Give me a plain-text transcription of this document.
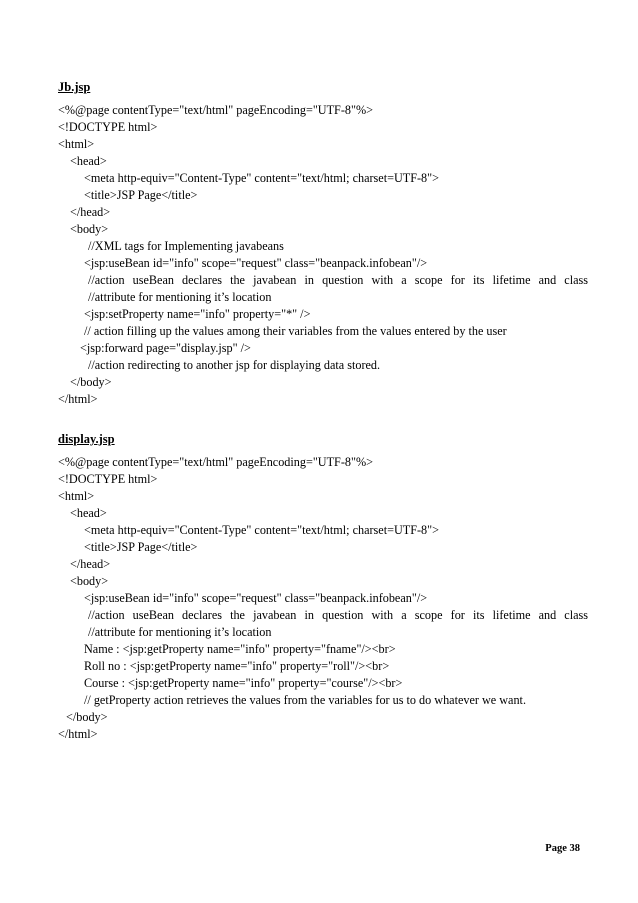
Jb.jsp
<%@page contentType="text/html" pageEncoding="UTF-8"%>
<!DOCTYPE html>
<html>
<head>
<meta http-equiv="Content-Type" content="text/html; charset=UTF-8">
<title>JSP Page</title>
</head>
<body>
//XML tags for Implementing javabeans
<jsp:useBean id="info" scope="request" class="beanpack.infobean"/>
//action useBean declares the javabean in question with a scope for its lifetime and class
//attribute for mentioning it’s location
<jsp:setProperty name="info" property="*" />
// action filling up the values among their variables from the values entered by the user
<jsp:forward page="display.jsp" />
//action redirecting to another jsp for displaying data stored.
</body>
</html>
display.jsp
<%@page contentType="text/html" pageEncoding="UTF-8"%>
<!DOCTYPE html>
<html>
<head>
<meta http-equiv="Content-Type" content="text/html; charset=UTF-8">
<title>JSP Page</title>
</head>
<body>
<jsp:useBean id="info" scope="request" class="beanpack.infobean"/>
//action useBean declares the javabean in question with a scope for its lifetime and class
//attribute for mentioning it’s location
Name : <jsp:getProperty name="info" property="fname"/><br>
Roll no : <jsp:getProperty name="info" property="roll"/><br>
Course : <jsp:getProperty name="info" property="course"/><br>
// getProperty action retrieves the values from the variables for us to do whatever we want.
</body>
</html>
Page 38
